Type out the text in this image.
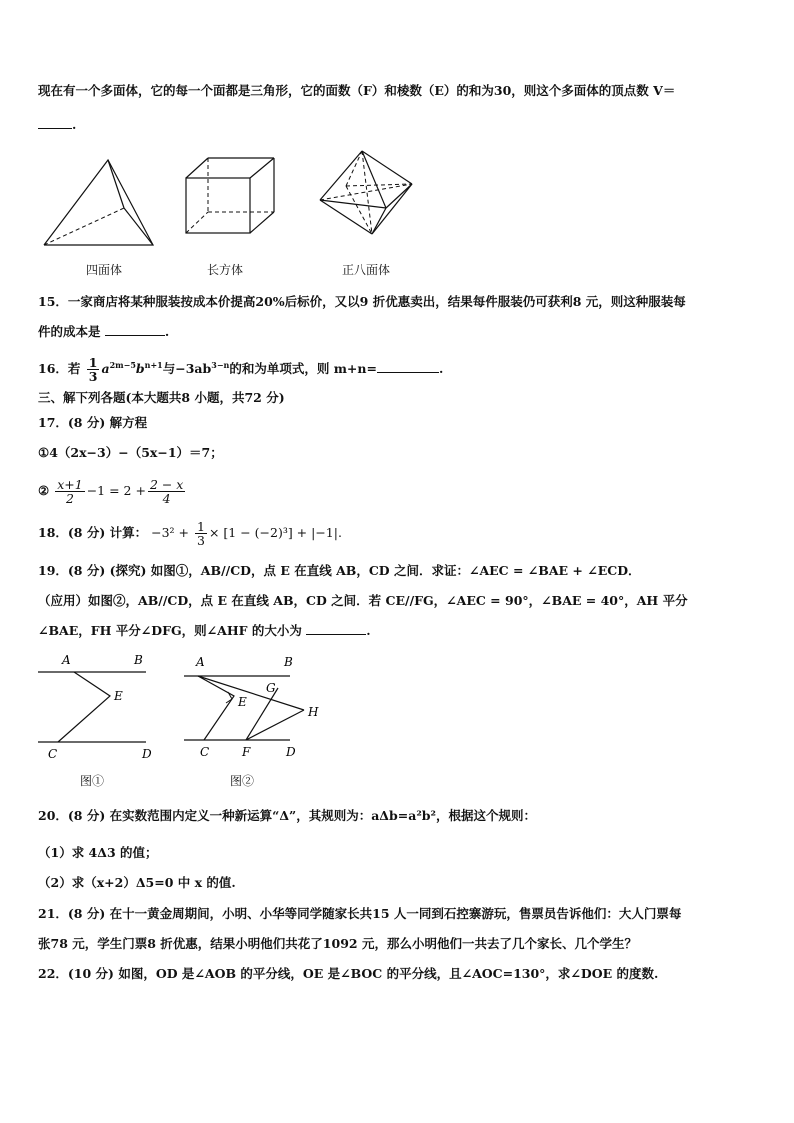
现在有一个多面体，它的每一个面都是三角形，它的面数（F）和棱数（E）的和为30，则这个多面体的顶点数 V＝
.
四面体	长方体	正八面体
15．一家商店将某种服装按成本价提高20%后标价，又以9 折优惠卖出，结果每件服装仍可获利8 元，则这种服装每
件的成本是	.
16．若 $\frac{1}{3} a^{2m-5}b^{n+1}$与$-3ab^{3-n}$的和为单项式，则 m+n=	.
三、解下列各题(本大题共8 小题，共72 分)
17．(8 分) 解方程
①4（2x−3）−（5x−1）＝7；
② $\frac{x+1}{2} -1 = 2 + \frac{2 - x}{4}$
18．(8 分) 计算： $-3^2 + \frac{1}{3} \times [1 - (-2)^3] + |-1|$.
19．(8 分) (探究) 如图①，AB//CD，点 E 在直线 AB，CD 之间．求证：∠AEC = ∠BAE + ∠ECD．
（应用）如图②，AB//CD，点 E 在直线 AB，CD 之间．若 CE//FG，∠AEC = 90°，∠BAE = 40°，AH 平分
∠BAE，FH 平分∠DFG，则∠AHF 的大小为	.
A	B
E
C	D
图①
A	B
E
G
H
C	F	D
图②
20．(8 分) 在实数范围内定义一种新运算“Δ”，其规则为：aΔb=a²b²，根据这个规则：
（1）求 4Δ3 的值；
（2）求（x+2）Δ5=0 中 x 的值.
21．(8 分) 在十一黄金周期间，小明、小华等同学随家长共15 人一同到石控寨游玩，售票员告诉他们：大人门票每
张78 元，学生门票8 折优惠，结果小明他们共花了1092 元，那么小明他们一共去了几个家长、几个学生？
22．(10 分) 如图，OD 是∠AOB 的平分线，OE 是∠BOC 的平分线，且∠AOC=130°，求∠DOE 的度数.
